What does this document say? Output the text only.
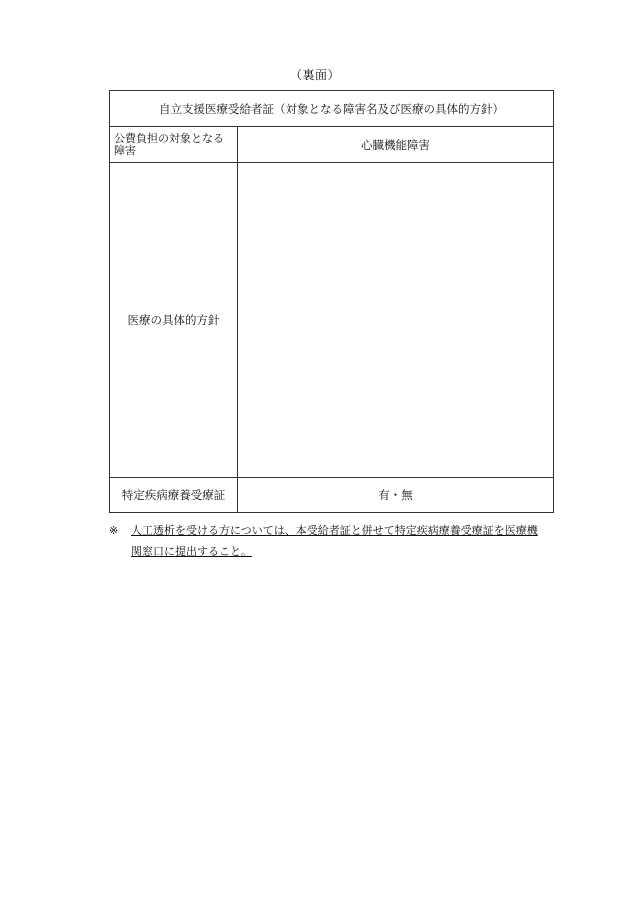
（裏面）
自立支援医療受給者証（対象となる障害名及び医療の具体的方針）	
公費負担の対象となる障害	心臓機能障害
医療の具体的方針	
特定疾病療養受療証	有・無
※ 人工透析を受ける方については、本受給者証と併せて特定疾病療養受療証を医療機
関窓口に提出すること。
